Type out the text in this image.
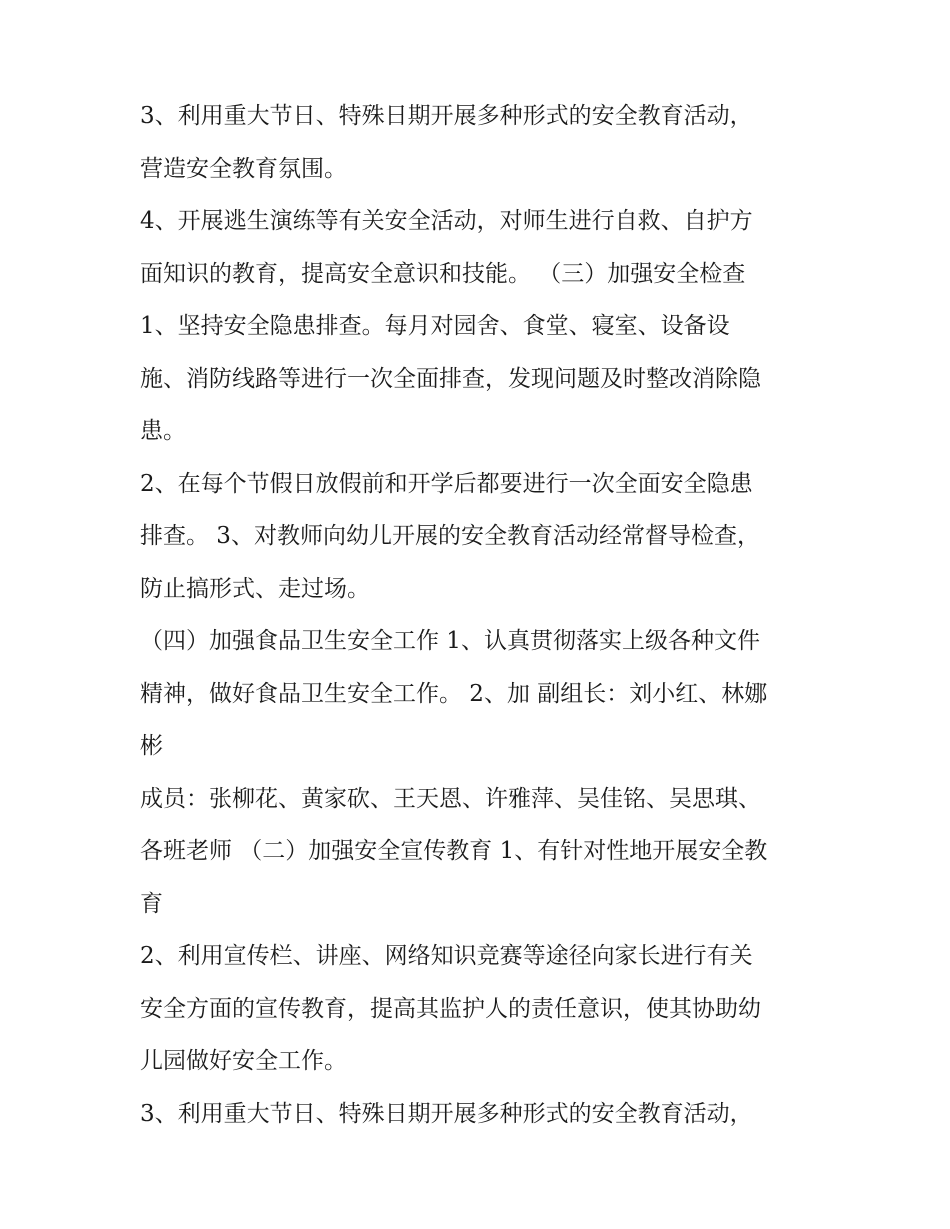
3、利用重大节日、特殊日期开展多种形式的安全教育活动，
营造安全教育氛围。
4、开展逃生演练等有关安全活动，对师生进行自救、自护方
面知识的教育，提高安全意识和技能。 （三）加强安全检查
1、坚持安全隐患排查。每月对园舍、食堂、寝室、设备设
施、消防线路等进行一次全面排查，发现问题及时整改消除隐
患。
2、在每个节假日放假前和开学后都要进行一次全面安全隐患
排查。 3、对教师向幼儿开展的安全教育活动经常督导检查，
防止搞形式、走过场。
（四）加强食品卫生安全工作 1、认真贯彻落实上级各种文件
精神，做好食品卫生安全工作。 2、加 副组长：刘小红、林娜
彬
成员：张柳花、黄家砍、王天恩、许雅萍、吴佳铭、吴思琪、
各班老师 （二）加强安全宣传教育 1、有针对性地开展安全教
育
2、利用宣传栏、讲座、网络知识竞赛等途径向家长进行有关
安全方面的宣传教育，提高其监护人的责任意识，使其协助幼
儿园做好安全工作。
3、利用重大节日、特殊日期开展多种形式的安全教育活动，
